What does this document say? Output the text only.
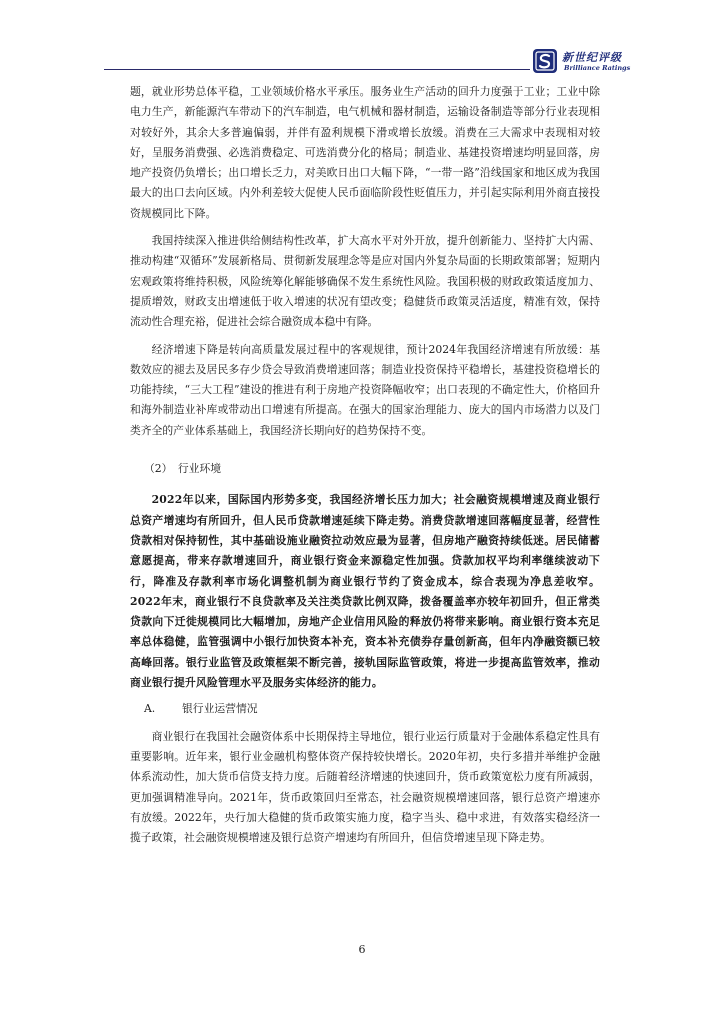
新世纪评级
Brilliance Ratings

题，就业形势总体平稳，工业领域价格水平承压。服务业生产活动的回升力度强于工业；工业中除电力生产，新能源汽车带动下的汽车制造，电气机械和器材制造，运输设备制造等部分行业表现相对较好外，其余大多普遍偏弱，并伴有盈利规模下滑或增长放缓。消费在三大需求中表现相对较好，呈服务消费强、必选消费稳定、可选消费分化的格局；制造业、基建投资增速均明显回落，房地产投资仍负增长；出口增长乏力，对美欧日出口大幅下降，“一带一路”沿线国家和地区成为我国最大的出口去向区域。内外利差较大促使人民币面临阶段性贬值压力，并引起实际利用外商直接投资规模同比下降。

我国持续深入推进供给侧结构性改革，扩大高水平对外开放，提升创新能力、坚持扩大内需、推动构建“双循环”发展新格局、贯彻新发展理念等是应对国内外复杂局面的长期政策部署；短期内宏观政策将维持积极，风险统筹化解能够确保不发生系统性风险。我国积极的财政政策适度加力、提质增效，财政支出增速低于收入增速的状况有望改变；稳健货币政策灵活适度，精准有效，保持流动性合理充裕，促进社会综合融资成本稳中有降。

经济增速下降是转向高质量发展过程中的客观规律，预计2024年我国经济增速有所放缓：基数效应的褪去及居民多存少贷会导致消费增速回落；制造业投资保持平稳增长，基建投资稳增长的功能持续，“三大工程”建设的推进有利于房地产投资降幅收窄；出口表现的不确定性大，价格回升和海外制造业补库或带动出口增速有所提高。在强大的国家治理能力、庞大的国内市场潜力以及门类齐全的产业体系基础上，我国经济长期向好的趋势保持不变。

（2）　行业环境

2022年以来，国际国内形势多变，我国经济增长压力加大；社会融资规模增速及商业银行总资产增速均有所回升，但人民币贷款增速延续下降走势。消费贷款增速回落幅度显著，经营性贷款相对保持韧性，其中基础设施业融资拉动效应最为显著，但房地产融资持续低迷。居民储蓄意愿提高，带来存款增速回升，商业银行资金来源稳定性加强。贷款加权平均利率继续波动下行，降准及存款利率市场化调整机制为商业银行节约了资金成本，综合表现为净息差收窄。2022年末，商业银行不良贷款率及关注类贷款比例双降，拨备覆盖率亦较年初回升，但正常类贷款向下迁徙规模同比大幅增加，房地产企业信用风险的释放仍将带来影响。商业银行资本充足率总体稳健，监管强调中小银行加快资本补充，资本补充债券存量创新高，但年内净融资额已较高峰回落。银行业监管及政策框架不断完善，接轨国际监管政策，将进一步提高监管效率，推动商业银行提升风险管理水平及服务实体经济的能力。

A. 银行业运营情况

商业银行在我国社会融资体系中长期保持主导地位，银行业运行质量对于金融体系稳定性具有重要影响。近年来，银行业金融机构整体资产保持较快增长。2020年初，央行多措并举维护金融体系流动性，加大货币信贷支持力度。后随着经济增速的快速回升，货币政策宽松力度有所减弱，更加强调精准导向。2021年，货币政策回归至常态，社会融资规模增速回落，银行总资产增速亦有放缓。2022年，央行加大稳健的货币政策实施力度，稳字当头、稳中求进，有效落实稳经济一揽子政策，社会融资规模增速及银行总资产增速均有所回升，但信贷增速呈现下降走势。

6
